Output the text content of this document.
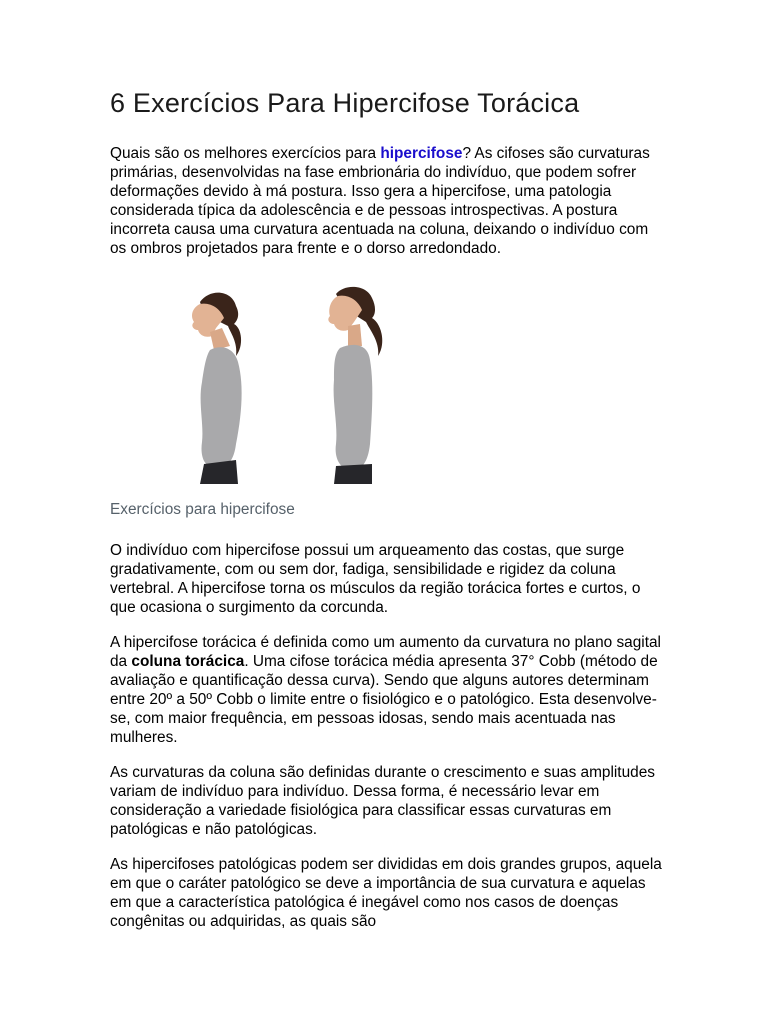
6 Exercícios Para Hipercifose Torácica

Quais são os melhores exercícios para hipercifose? As cifoses são curvaturas primárias, desenvolvidas na fase embrionária do indivíduo, que podem sofrer deformações devido à má postura. Isso gera a hipercifose, uma patologia considerada típica da adolescência e de pessoas introspectivas. A postura incorreta causa uma curvatura acentuada na coluna, deixando o indivíduo com os ombros projetados para frente e o dorso arredondado.

Exercícios para hipercifose

O indivíduo com hipercifose possui um arqueamento das costas, que surge gradativamente, com ou sem dor, fadiga, sensibilidade e rigidez da coluna vertebral. A hipercifose torna os músculos da região torácica fortes e curtos, o que ocasiona o surgimento da corcunda.

A hipercifose torácica é definida como um aumento da curvatura no plano sagital da coluna torácica. Uma cifose torácica média apresenta 37° Cobb (método de avaliação e quantificação dessa curva). Sendo que alguns autores determinam entre 20º a 50º Cobb o limite entre o fisiológico e o patológico. Esta desenvolve-se, com maior frequência, em pessoas idosas, sendo mais acentuada nas mulheres.

As curvaturas da coluna são definidas durante o crescimento e suas amplitudes variam de indivíduo para indivíduo. Dessa forma, é necessário levar em consideração a variedade fisiológica para classificar essas curvaturas em patológicas e não patológicas.

As hipercifoses patológicas podem ser divididas em dois grandes grupos, aquela em que o caráter patológico se deve a importância de sua curvatura e aquelas em que a característica patológica é inegável como nos casos de doenças congênitas ou adquiridas, as quais são
